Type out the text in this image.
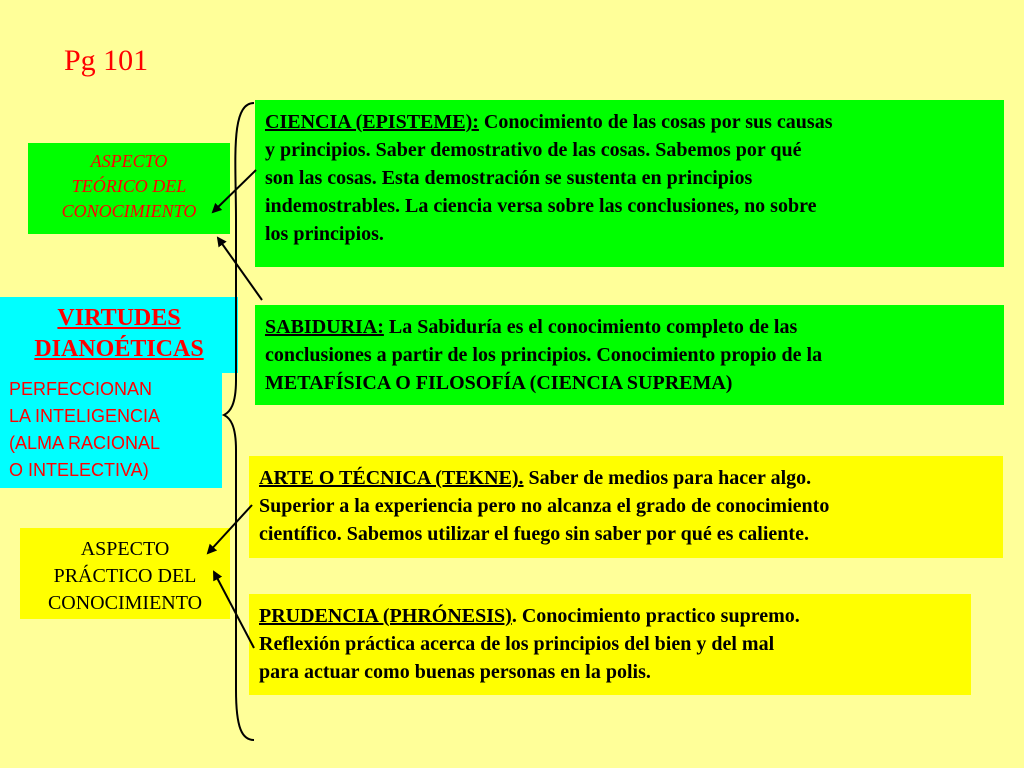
Pg 101
ASPECTO
TEÓRICO DEL
CONOCIMIENTO
VIRTUDES
DIANOÉTICAS
PERFECCIONAN
LA INTELIGENCIA
(ALMA RACIONAL
O INTELECTIVA)
ASPECTO
PRÁCTICO DEL
CONOCIMIENTO
CIENCIA (EPISTEME): Conocimiento de las cosas por sus causas
y principios. Saber demostrativo de las cosas. Sabemos por qué
son las cosas. Esta demostración se sustenta en principios
indemostrables. La ciencia versa sobre las conclusiones, no sobre
los principios.
SABIDURIA: La Sabiduría es el conocimiento completo de las
conclusiones a partir de los principios. Conocimiento propio de la
METAFÍSICA O FILOSOFÍA (CIENCIA SUPREMA)
ARTE O TÉCNICA (TEKNE). Saber de medios para hacer algo.
Superior a la experiencia pero no alcanza el grado de conocimiento
científico. Sabemos utilizar el fuego sin saber por qué es caliente.
PRUDENCIA (PHRÓNESIS). Conocimiento practico supremo.
Reflexión práctica acerca de los principios del bien y del mal
para actuar como buenas personas en la polis.
